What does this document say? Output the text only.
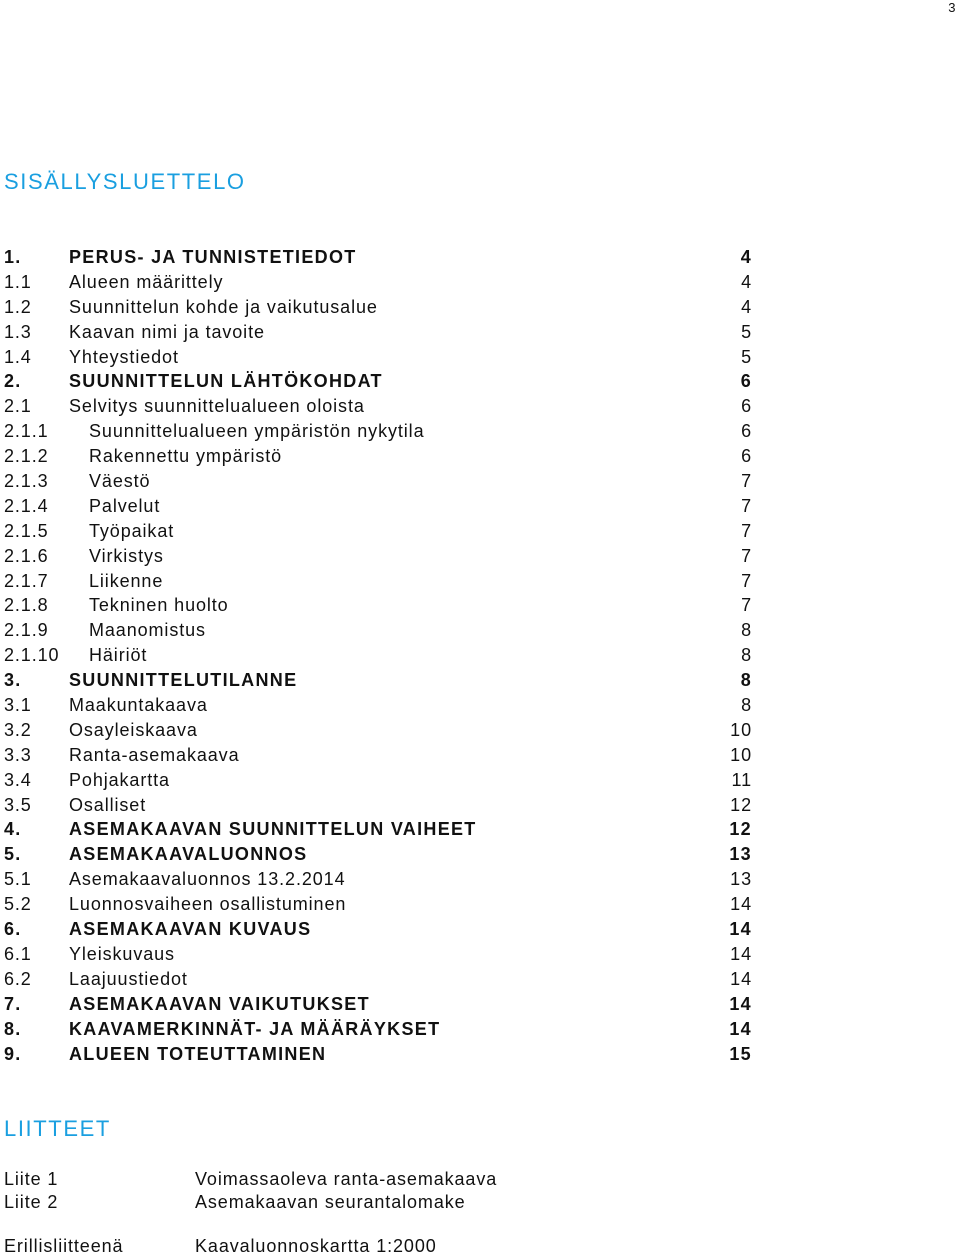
3
SISÄLLYSLUETTELO
1.	PERUS- JA TUNNISTETIEDOT	4
1.1 Alueen määrittely	4
1.2 Suunnittelun kohde ja vaikutusalue	4
1.3 Kaavan nimi ja tavoite	5
1.4 Yhteystiedot	5
2.	SUUNNITTELUN LÄHTÖKOHDAT	6
2.1 Selvitys suunnittelualueen oloista	6
2.1.1 Suunnittelualueen ympäristön nykytila	6
2.1.2 Rakennettu ympäristö	6
2.1.3 Väestö	7
2.1.4 Palvelut	7
2.1.5 Työpaikat	7
2.1.6 Virkistys	7
2.1.7 Liikenne	7
2.1.8 Tekninen huolto	7
2.1.9 Maanomistus	8
2.1.10 Häiriöt	8
3.	SUUNNITTELUTILANNE	8
3.1 Maakuntakaava	8
3.2 Osayleiskaava	10
3.3 Ranta-asemakaava	10
3.4 Pohjakartta	11
3.5 Osalliset	12
4.	ASEMAKAAVAN SUUNNITTELUN VAIHEET	12
5.	ASEMAKAAVALUONNOS	13
5.1 Asemakaavaluonnos 13.2.2014	13
5.2 Luonnosvaiheen osallistuminen	14
6.	ASEMAKAAVAN KUVAUS	14
6.1 Yleiskuvaus	14
6.2 Laajuustiedot	14
7.	ASEMAKAAVAN VAIKUTUKSET	14
8.	KAAVAMERKINNÄT- JA MÄÄRÄYKSET	14
9.	ALUEEN TOTEUTTAMINEN	15
LIITTEET
Liite 1	Voimassaoleva ranta-asemakaava
Liite 2	Asemakaavan seurantalomake
Erillisliitteenä	Kaavaluonnoskartta 1:2000
